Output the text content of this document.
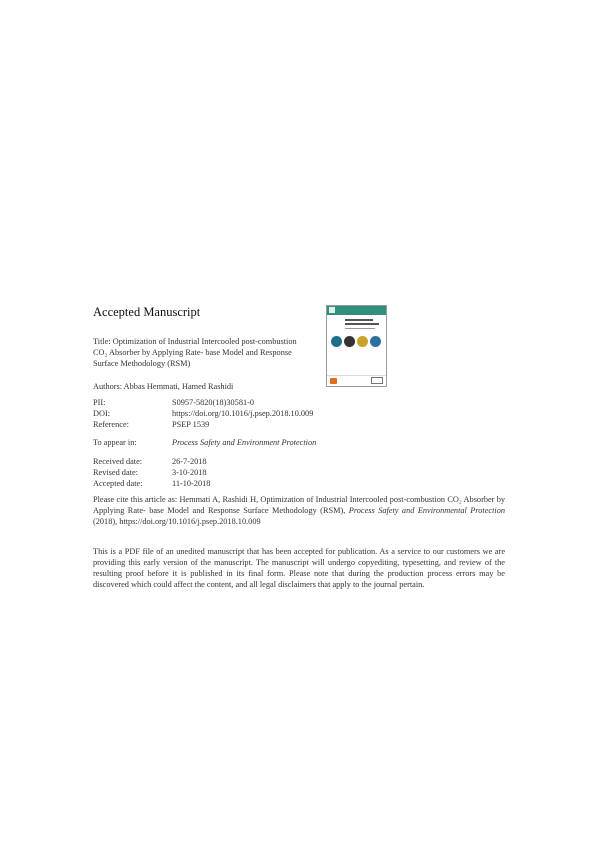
Accepted Manuscript
Title: Optimization of Industrial Intercooled post-combustion
CO₂ Absorber by Applying Rate- base Model and Response
Surface Methodology (RSM)
Authors: Abbas Hemmati, Hamed Rashidi
PII:	S0957-5820(18)30581-0
DOI:	https://doi.org/10.1016/j.psep.2018.10.009
Reference:	PSEP 1539
To appear in:	Process Safety and Environment Protection
Received date:	26-7-2018
Revised date:	3-10-2018
Accepted date:	11-10-2018
Please cite this article as: Hemmati A, Rashidi H, Optimization of Industrial Intercooled post-combustion CO₂ Absorber by Applying Rate- base Model and Response Surface Methodology (RSM), Process Safety and Environmental Protection (2018), https://doi.org/10.1016/j.psep.2018.10.009
This is a PDF file of an unedited manuscript that has been accepted for publication. As a service to our customers we are providing this early version of the manuscript. The manuscript will undergo copyediting, typesetting, and review of the resulting proof before it is published in its final form. Please note that during the production process errors may be discovered which could affect the content, and all legal disclaimers that apply to the journal pertain.
